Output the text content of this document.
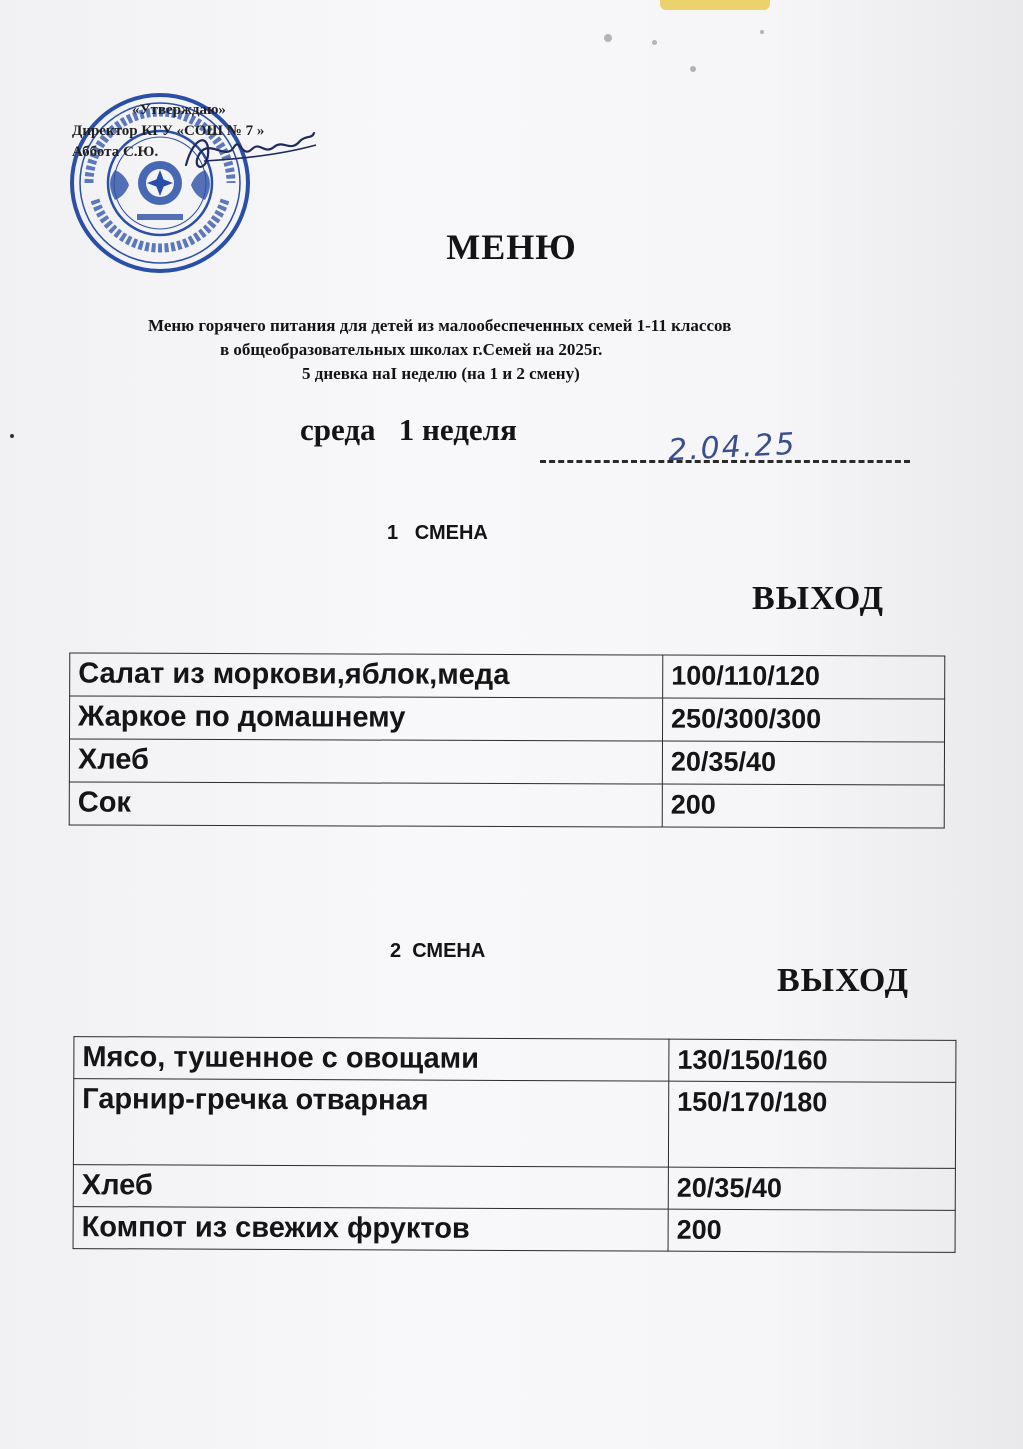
«Утверждаю»
Директор КГУ «СОШ № 7 »
Аббота С.Ю.
МЕНЮ
Меню горячего питания для детей из малообеспеченных семей 1-11 классов
в общеобразовательных школах г.Семей на 2025г.
5 дневка наI неделю (на 1 и 2 смену)
среда   1 неделя	2.04.25
1   СМЕНА
ВЫХОД
Салат из моркови,яблок,меда	100/110/120
Жаркое по домашнему	250/300/300
Хлеб	20/35/40
Сок	200
2  СМЕНА
ВЫХОД
Мясо, тушенное с овощами	130/150/160
Гарнир-гречка отварная	150/170/180
Хлеб	20/35/40
Компот из свежих фруктов	200
